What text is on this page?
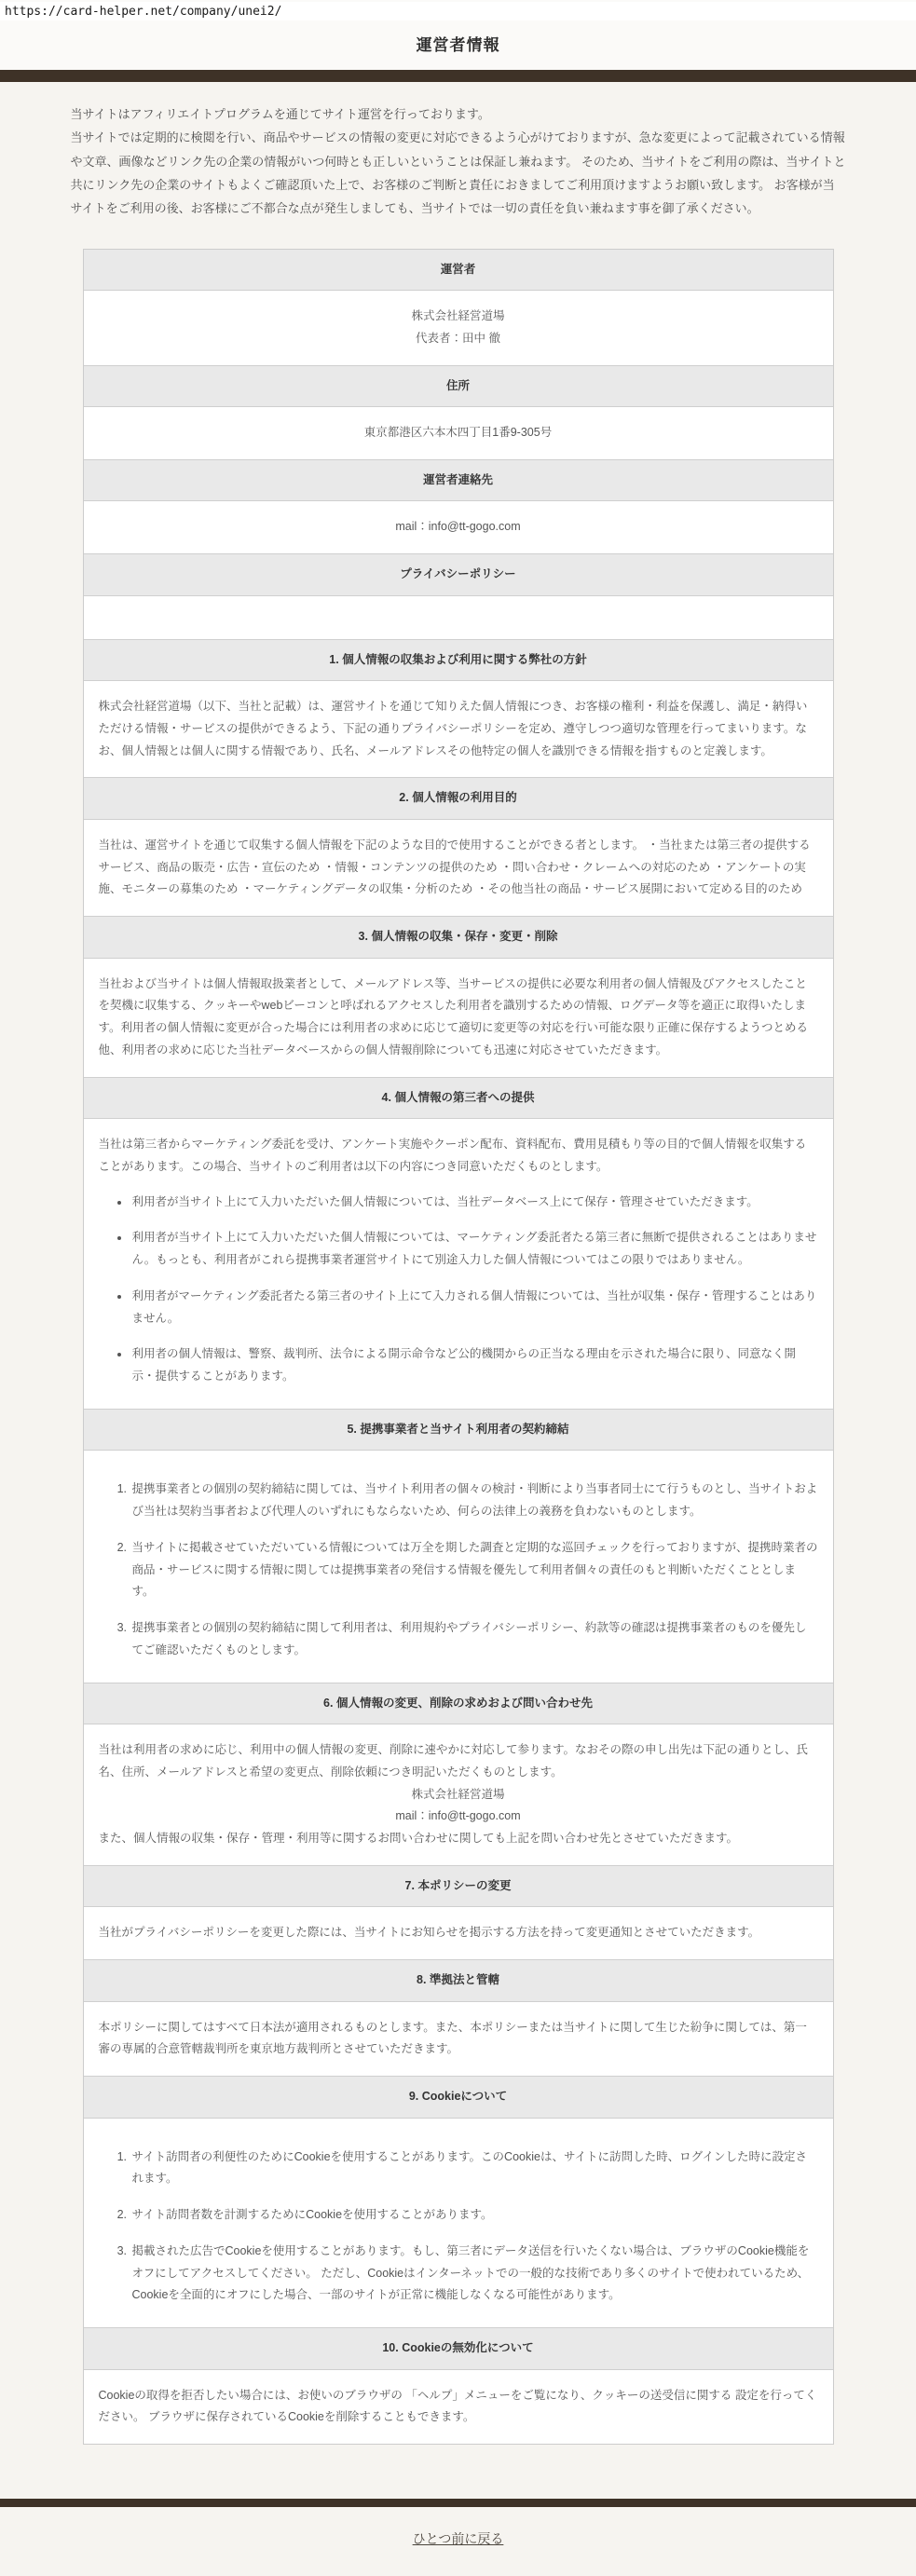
https://card-helper.net/company/unei2/
運営者情報

当サイトはアフィリエイトプログラムを通じてサイト運営を行っております。

当サイトでは定期的に検閲を行い、商品やサービスの情報の変更に対応できるよう心がけておりますが、急な変更によって記載されている情報や文章、画像などリンク先の企業の情報がいつ何時とも正しいということは保証し兼ねます。 そのため、当サイトをご利用の際は、当サイトと共にリンク先の企業のサイトもよくご確認頂いた上で、お客様のご判断と責任におきましてご利用頂けますようお願い致します。 お客様が当サイトをご利用の後、お客様にご不都合な点が発生しましても、当サイトでは一切の責任を負い兼ねます事を御了承ください。

運営者
株式会社経営道場
代表者：田中 徹
住所
東京都港区六本木四丁目1番9-305号
運営者連絡先
mail：info@tt-gogo.com
プライバシーポリシー
1. 個人情報の収集および利用に関する弊社の方針

株式会社経営道場（以下、当社と記載）は、運営サイトを通じて知りえた個人情報につき、お客様の権利・利益を保護し、満足・納得いただける情報・サービスの提供ができるよう、下記の通りプライバシーポリシーを定め、遵守しつつ適切な管理を行ってまいります。なお、個人情報とは個人に関する情報であり、氏名、メールアドレスその他特定の個人を識別できる情報を指すものと定義します。

2. 個人情報の利用目的

当社は、運営サイトを通じて収集する個人情報を下記のような目的で使用することができる者とします。 ・当社または第三者の提供するサービス、商品の販売・広告・宣伝のため ・情報・コンテンツの提供のため ・問い合わせ・クレームへの対応のため ・アンケートの実施、モニターの募集のため ・マーケティングデータの収集・分析のため ・その他当社の商品・サービス展開において定める目的のため

3. 個人情報の収集・保存・変更・削除

当社および当サイトは個人情報取扱業者として、メールアドレス等、当サービスの提供に必要な利用者の個人情報及びアクセスしたことを契機に収集する、クッキーやwebビーコンと呼ばれるアクセスした利用者を識別するための情報、ログデータ等を適正に取得いたします。利用者の個人情報に変更が合った場合には利用者の求めに応じて適切に変更等の対応を行い可能な限り正確に保存するようつとめる他、利用者の求めに応じた当社データベースからの個人情報削除についても迅速に対応させていただきます。

4. 個人情報の第三者への提供

当社は第三者からマーケティング委託を受け、アンケート実施やクーポン配布、資料配布、費用見積もり等の目的で個人情報を収集することがあります。この場合、当サイトのご利用者は以下の内容につき同意いただくものとします。

• 利用者が当サイト上にて入力いただいた個人情報については、当社データベース上にて保存・管理させていただきます。
• 利用者が当サイト上にて入力いただいた個人情報については、マーケティング委託者たる第三者に無断で提供されることはありません。もっとも、利用者がこれら提携事業者運営サイトにて別途入力した個人情報についてはこの限りではありません。
• 利用者がマーケティング委託者たる第三者のサイト上にて入力される個人情報については、当社が収集・保存・管理することはありません。
• 利用者の個人情報は、警察、裁判所、法令による開示命令など公的機関からの正当なる理由を示された場合に限り、同意なく開示・提供することがあります。
5. 提携事業者と当サイト利用者の契約締結
1. 提携事業者との個別の契約締結に関しては、当サイト利用者の個々の検討・判断により当事者同士にて行うものとし、当サイトおよび当社は契約当事者および代理人のいずれにもならないため、何らの法律上の義務を負わないものとします。
2. 当サイトに掲載させていただいている情報については万全を期した調査と定期的な巡回チェックを行っておりますが、提携時業者の商品・サービスに関する情報に関しては提携事業者の発信する情報を優先して利用者個々の責任のもと判断いただくこととします。
3. 提携事業者との個別の契約締結に関して利用者は、利用規約やプライバシーポリシー、約款等の確認は提携事業者のものを優先してご確認いただくものとします。
6. 個人情報の変更、削除の求めおよび問い合わせ先

当社は利用者の求めに応じ、利用中の個人情報の変更、削除に速やかに対応して参ります。なおその際の申し出先は下記の通りとし、氏名、住所、メールアドレスと希望の変更点、削除依頼につき明記いただくものとします。

株式会社経営道場
mail：info@tt-gogo.com

また、個人情報の収集・保存・管理・利用等に関するお問い合わせに関しても上記を問い合わせ先とさせていただきます。

7. 本ポリシーの変更

当社がプライバシーポリシーを変更した際には、当サイトにお知らせを掲示する方法を持って変更通知とさせていただきます。

8. 準拠法と管轄

本ポリシーに関してはすべて日本法が適用されるものとします。また、本ポリシーまたは当サイトに関して生じた紛争に関しては、第一審の専属的合意管轄裁判所を東京地方裁判所とさせていただきます。

9. Cookieについて
1. サイト訪問者の利便性のためにCookieを使用することがあります。このCookieは、サイトに訪問した時、ログインした時に設定されます。
2. サイト訪問者数を計測するためにCookieを使用することがあります。
3. 掲載された広告でCookieを使用することがあります。もし、第三者にデータ送信を行いたくない場合は、ブラウザのCookie機能をオフにしてアクセスしてください。 ただし、Cookieはインターネットでの一般的な技術であり多くのサイトで使われているため、Cookieを全面的にオフにした場合、一部のサイトが正常に機能しなくなる可能性があります。
10. Cookieの無効化について

Cookieの取得を拒否したい場合には、お使いのブラウザの 「ヘルプ」メニューをご覧になり、クッキーの送受信に関する 設定を行ってください。 ブラウザに保存されているCookieを削除することもできます。

ひとつ前に戻る
